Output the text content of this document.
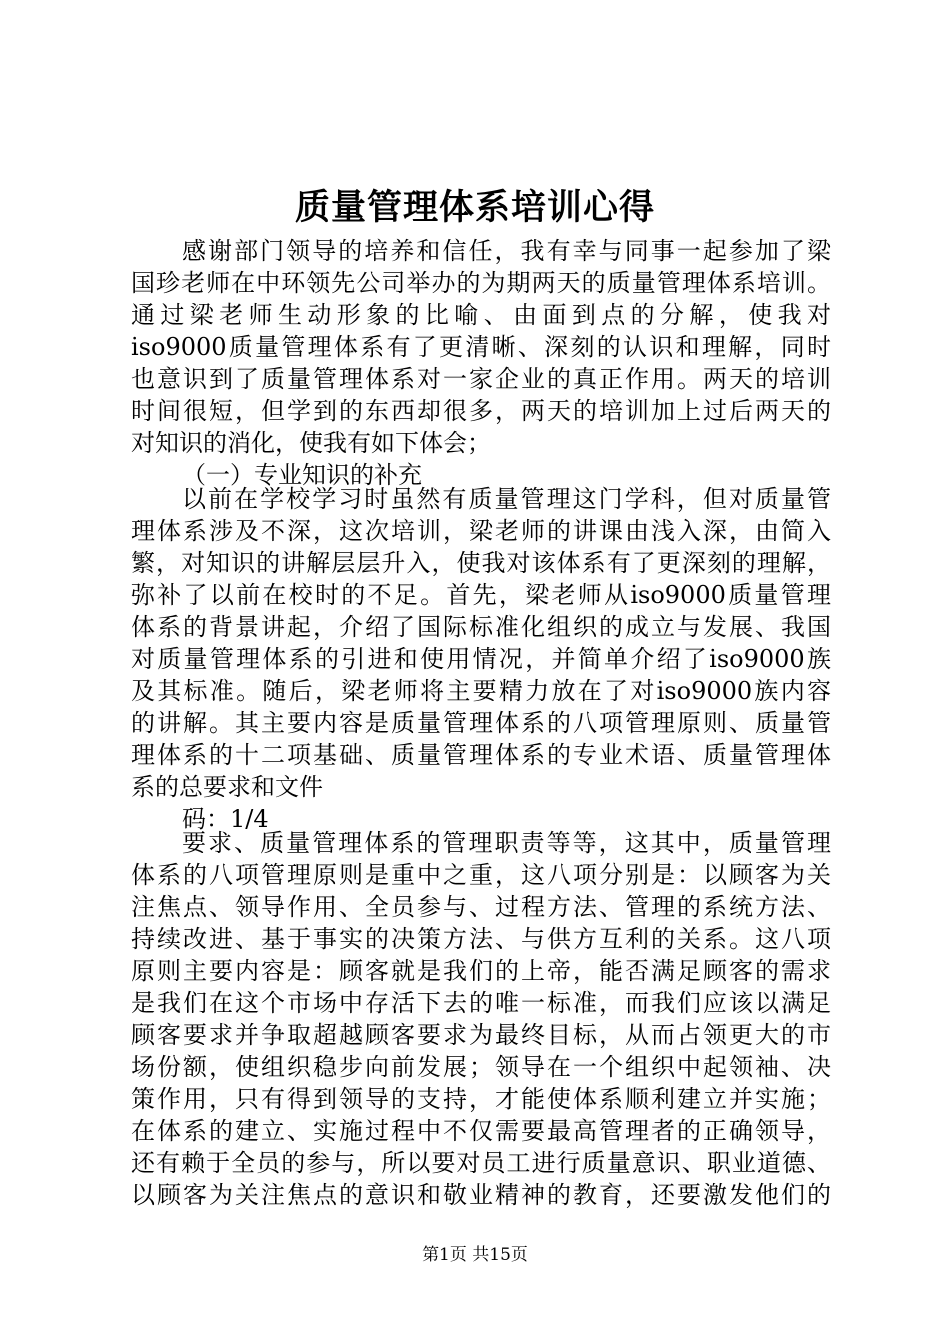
质量管理体系培训心得
感谢部门领导的培养和信任，我有幸与同事一起参加了梁
国珍老师在中环领先公司举办的为期两天的质量管理体系培训。
通过梁老师生动形象的比喻、由面到点的分解，使我对
iso9000质量管理体系有了更清晰、深刻的认识和理解，同时
也意识到了质量管理体系对一家企业的真正作用。两天的培训
时间很短，但学到的东西却很多，两天的培训加上过后两天的
对知识的消化，使我有如下体会；
（一）专业知识的补充
以前在学校学习时虽然有质量管理这门学科，但对质量管
理体系涉及不深，这次培训，梁老师的讲课由浅入深，由简入
繁，对知识的讲解层层升入，使我对该体系有了更深刻的理解，
弥补了以前在校时的不足。首先，梁老师从iso9000质量管理
体系的背景讲起，介绍了国际标准化组织的成立与发展、我国
对质量管理体系的引进和使用情况，并简单介绍了iso9000族
及其标准。随后，梁老师将主要精力放在了对iso9000族内容
的讲解。其主要内容是质量管理体系的八项管理原则、质量管
理体系的十二项基础、质量管理体系的专业术语、质量管理体
系的总要求和文件
码：1/4
要求、质量管理体系的管理职责等等，这其中，质量管理
体系的八项管理原则是重中之重，这八项分别是：以顾客为关
注焦点、领导作用、全员参与、过程方法、管理的系统方法、
持续改进、基于事实的决策方法、与供方互利的关系。这八项
原则主要内容是：顾客就是我们的上帝，能否满足顾客的需求
是我们在这个市场中存活下去的唯一标准，而我们应该以满足
顾客要求并争取超越顾客要求为最终目标，从而占领更大的市
场份额，使组织稳步向前发展；领导在一个组织中起领袖、决
策作用，只有得到领导的支持，才能使体系顺利建立并实施；
在体系的建立、实施过程中不仅需要最高管理者的正确领导，
还有赖于全员的参与，所以要对员工进行质量意识、职业道德、
以顾客为关注焦点的意识和敬业精神的教育，还要激发他们的
第1页 共15页
